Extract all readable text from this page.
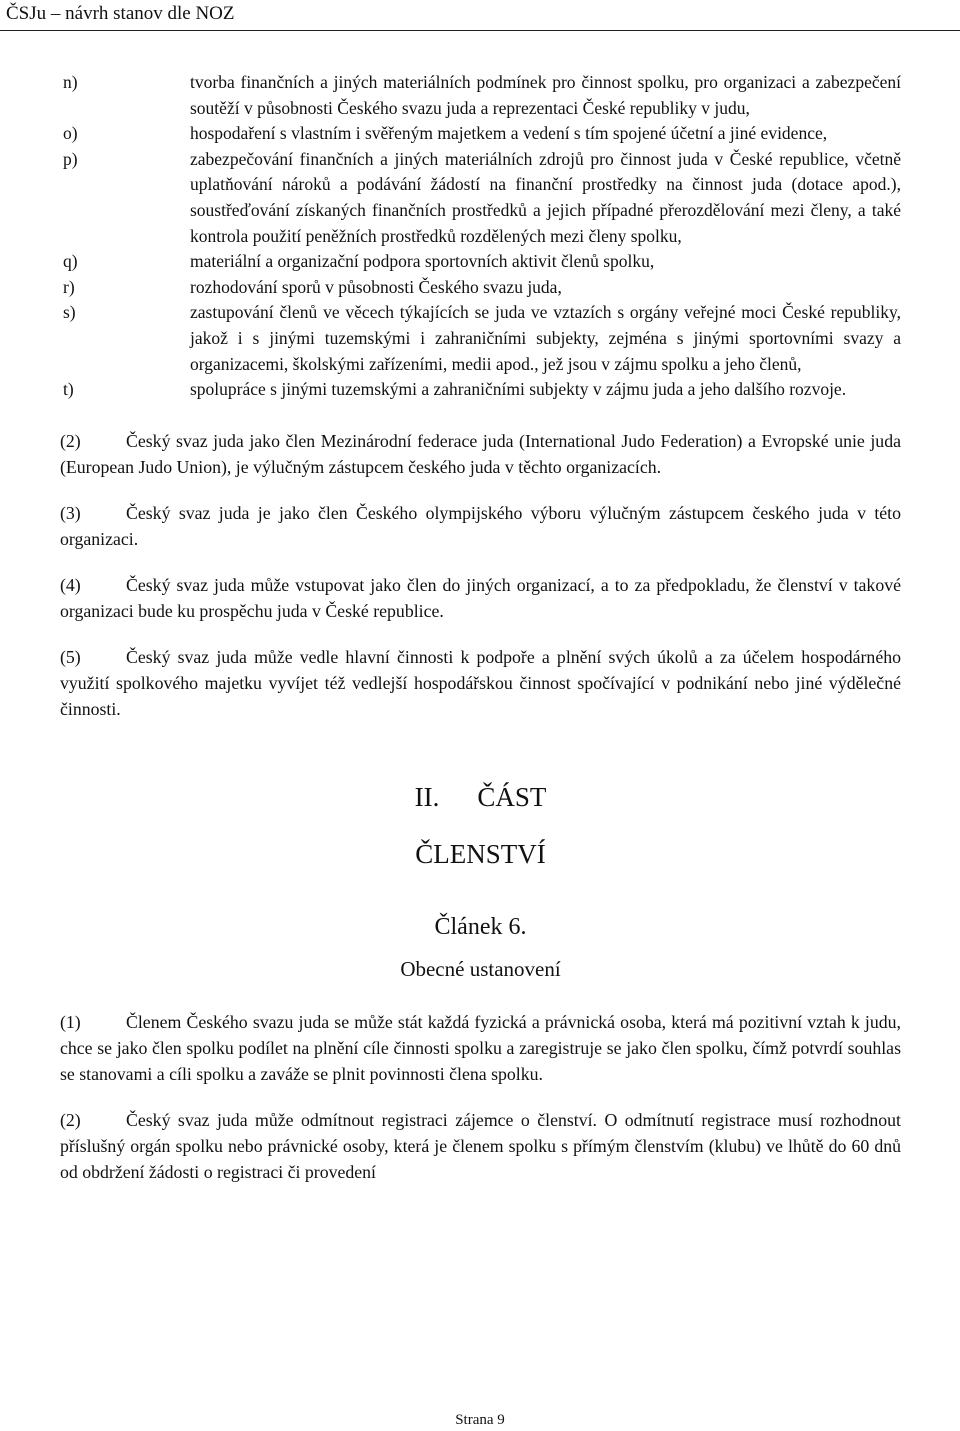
ČSJu – návrh stanov dle NOZ
n)	tvorba finančních a jiných materiálních podmínek pro činnost spolku, pro organizaci a zabezpečení soutěží v působnosti Českého svazu juda a reprezentaci České republiky v judu,
o)	hospodaření s vlastním i svěřeným majetkem a vedení s tím spojené účetní a jiné evidence,
p)	zabezpečování finančních a jiných materiálních zdrojů pro činnost juda v České republice, včetně uplatňování nároků a podávání žádostí na finanční prostředky na činnost juda (dotace apod.), soustřeďování získaných finančních prostředků a jejich případné přerozdělování mezi členy, a také kontrola použití peněžních prostředků rozdělených mezi členy spolku,
q)	materiální a organizační podpora sportovních aktivit členů spolku,
r)	rozhodování sporů v působnosti Českého svazu juda,
s)	zastupování členů ve věcech týkajících se juda ve vztazích s orgány veřejné moci České republiky, jakož i s jinými tuzemskými i zahraničními subjekty, zejména s jinými sportovními svazy a organizacemi, školskými zařízeními, medii apod., jež jsou v zájmu spolku a jeho členů,
t)	spolupráce s jinými tuzemskými a zahraničními subjekty v zájmu juda a jeho dalšího rozvoje.

(2)	Český svaz juda jako člen Mezinárodní federace juda (International Judo Federation) a Evropské unie juda (European Judo Union), je výlučným zástupcem českého juda v těchto organizacích.

(3)	Český svaz juda je jako člen Českého olympijského výboru výlučným zástupcem českého juda v této organizaci.

(4)	Český svaz juda může vstupovat jako člen do jiných organizací, a to za předpokladu, že členství v takové organizaci bude ku prospěchu juda v České republice.

(5)	Český svaz juda může vedle hlavní činnosti k podpoře a plnění svých úkolů a za účelem hospodárného využití spolkového majetku vyvíjet též vedlejší hospodářskou činnost spočívající v podnikání nebo jiné výdělečné činnosti.

II. ČÁST
ČLENSTVÍ
Článek 6.
Obecné ustanovení

(1)	Členem Českého svazu juda se může stát každá fyzická a právnická osoba, která má pozitivní vztah k judu, chce se jako člen spolku podílet na plnění cíle činnosti spolku a zaregistruje se jako člen spolku, čímž potvrdí souhlas se stanovami a cíli spolku a zaváže se plnit povinnosti člena spolku.

(2)	Český svaz juda může odmítnout registraci zájemce o členství. O odmítnutí registrace musí rozhodnout příslušný orgán spolku nebo právnické osoby, která je členem spolku s přímým členstvím (klubu) ve lhůtě do 60 dnů od obdržení žádosti o registraci či provedení

Strana 9
